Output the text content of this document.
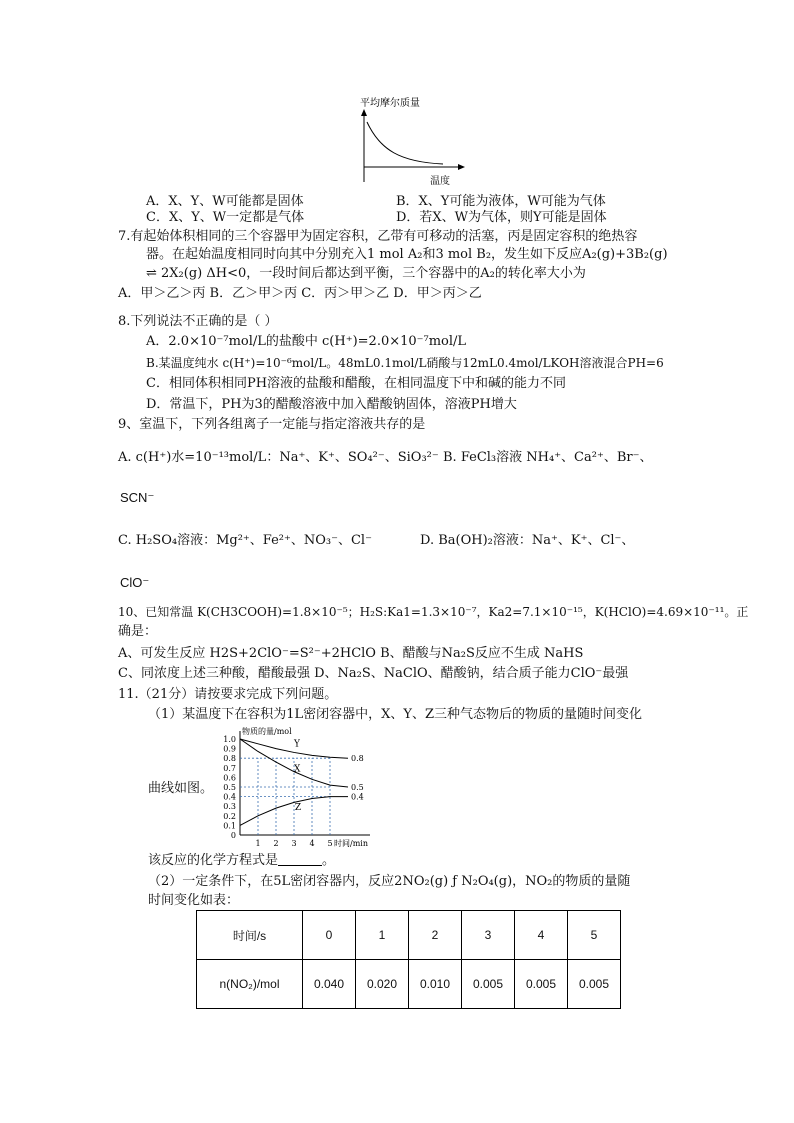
平均摩尔质量
温度
A．X、Y、W可能都是固体	B．X、Y可能为液体，W可能为气体
C．X、Y、W一定都是气体	D．若X、W为气体，则Y可能是固体
7.有起始体积相同的三个容器甲为固定容积，乙带有可移动的活塞，丙是固定容积的绝热容
器。在起始温度相同时向其中分别充入1 mol A₂和3 mol B₂，发生如下反应A₂(g)+3B₂(g)
⇌ 2X₂(g) ΔH<0，一段时间后都达到平衡，三个容器中的A₂的转化率大小为
A．甲＞乙＞丙 B．乙＞甲＞丙 C．丙＞甲＞乙 D．甲＞丙＞乙
8.下列说法不正确的是（ ）
A．2.0×10⁻⁷mol/L的盐酸中 c(H⁺)=2.0×10⁻⁷mol/L
B.某温度纯水 c(H⁺)=10⁻⁶mol/L。48mL0.1mol/L硝酸与12mL0.4mol/LKOH溶液混合PH=6
C．相同体积相同PH溶液的盐酸和醋酸，在相同温度下中和碱的能力不同
D．常温下，PH为3的醋酸溶液中加入醋酸钠固体，溶液PH增大
9、室温下，下列各组离子一定能与指定溶液共存的是
A. c(H⁺)水=10⁻¹³mol/L：Na⁺、K⁺、SO₄²⁻、SiO₃²⁻ B. FeCl₃溶液 NH₄⁺、Ca²⁺、Br⁻、
SCN⁻
C. H₂SO₄溶液：Mg²⁺、Fe²⁺、NO₃⁻、Cl⁻	D. Ba(OH)₂溶液：Na⁺、K⁺、Cl⁻、
ClO⁻
10、已知常温 K(CH3COOH)=1.8×10⁻⁵；H₂S:Ka1=1.3×10⁻⁷，Ka2=7.1×10⁻¹⁵，K(HClO)=4.69×10⁻¹¹。正
确是：
A、可发生反应 H2S+2ClO⁻=S²⁻+2HClO B、醋酸与Na₂S反应不生成 NaHS
C、同浓度上述三种酸，醋酸最强 D、Na₂S、NaClO、醋酸钠，结合质子能力ClO⁻最强
11.（21分）请按要求完成下列问题。
（1）某温度下在容积为1L密闭容器中，X、Y、Z三种气态物后的物质的量随时间变化
曲线如图。
物质的量/mol
时间/min
0
0.1
0.2
0.3
0.4
0.5
0.6
0.7
0.8
0.9
1.0
1 2 3 4 5
0.8
0.5
0.4
Y
X
Z
该反应的化学方程式是	。
（2）一定条件下，在5L密闭容器内，反应2NO₂(g) ƒ N₂O₄(g)，NO₂的物质的量随
时间变化如表：
时间/s	0	1	2	3	4	5
n(NO₂)/mol	0.040	0.020	0.010	0.005	0.005	0.005
